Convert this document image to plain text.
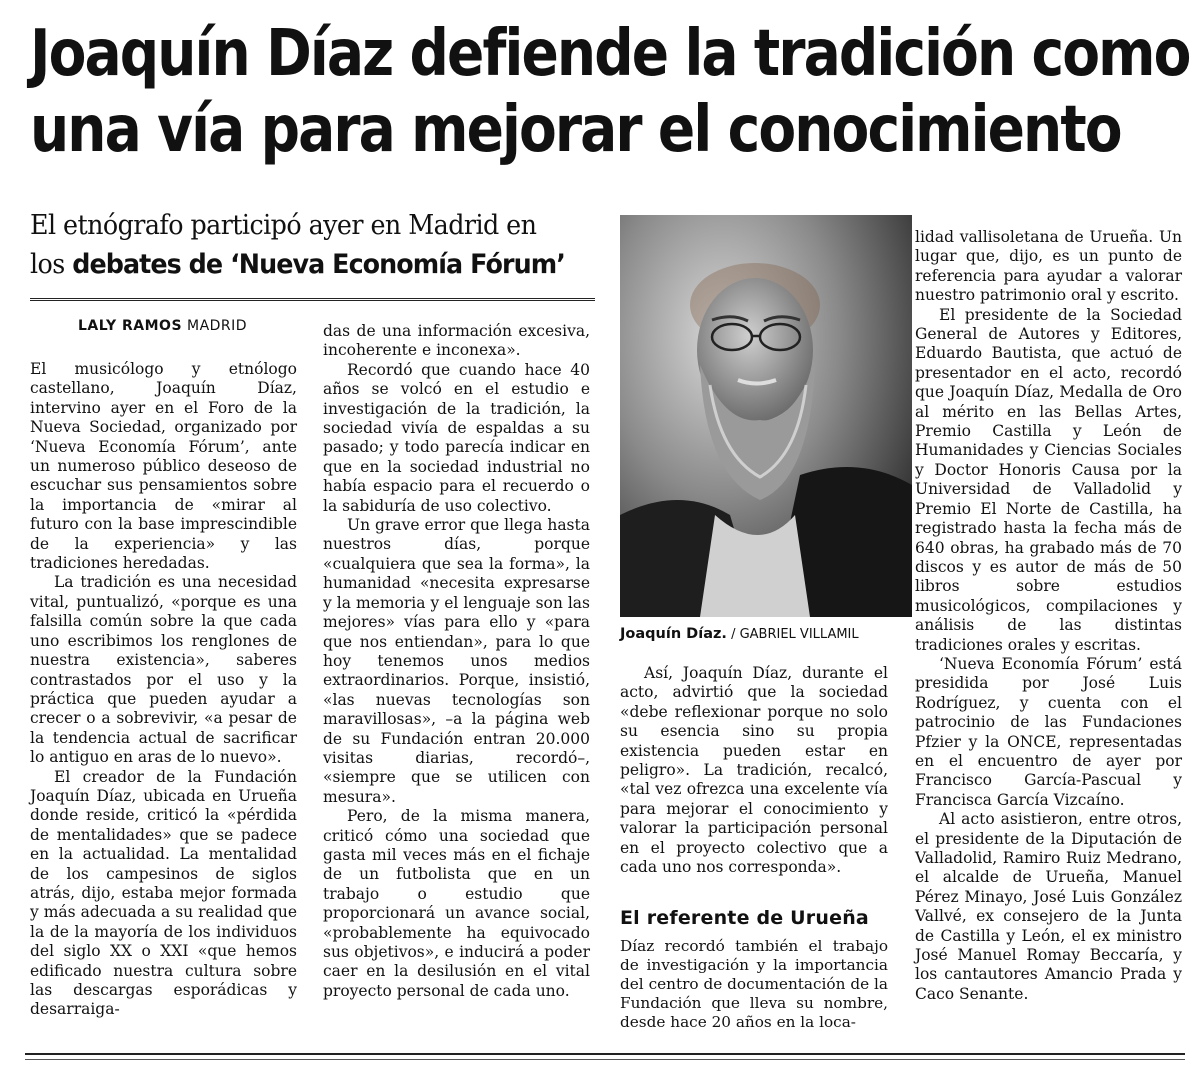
Joaquín Díaz defiende la tradición como
una vía para mejorar el conocimiento
El etnógrafo participó ayer en Madrid en
los debates de ‘Nueva Economía Fórum’
LALY RAMOS MADRID

El musicólogo y etnólogo castellano, Joaquín Díaz, intervino ayer en el Foro de la Nueva Sociedad, organizado por ‘Nueva Economía Fórum’, ante un numeroso público deseoso de escuchar sus pensamientos sobre la importancia de «mirar al futuro con la base imprescindible de la experiencia» y las tradiciones heredadas.

La tradición es una necesidad vital, puntualizó, «porque es una falsilla común sobre la que cada uno escribimos los renglones de nuestra existencia», saberes contrastados por el uso y la práctica que pueden ayudar a crecer o a sobrevivir, «a pesar de la tendencia actual de sacrificar lo antiguo en aras de lo nuevo».

El creador de la Fundación Joaquín Díaz, ubicada en Urueña donde reside, criticó la «pérdida de mentalidades» que se padece en la actualidad. La mentalidad de los campesinos de siglos atrás, dijo, estaba mejor formada y más adecuada a su realidad que la de la mayoría de los individuos del siglo XX o XXI «que hemos edificado nuestra cultura sobre las descargas esporádicas y desarraiga-

das de una información excesiva, incoherente e inconexa».

Recordó que cuando hace 40 años se volcó en el estudio e investigación de la tradición, la sociedad vivía de espaldas a su pasado; y todo parecía indicar en que en la sociedad industrial no había espacio para el recuerdo o la sabiduría de uso colectivo.

Un grave error que llega hasta nuestros días, porque «cualquiera que sea la forma», la humanidad «necesita expresarse y la memoria y el lenguaje son las mejores» vías para ello y «para que nos entiendan», para lo que hoy tenemos unos medios extraordinarios. Porque, insistió, «las nuevas tecnologías son maravillosas», –a la página web de su Fundación entran 20.000 visitas diarias, recordó–, «siempre que se utilicen con mesura».

Pero, de la misma manera, criticó cómo una sociedad que gasta mil veces más en el fichaje de un futbolista que en un trabajo o estudio que proporcionará un avance social, «probablemente ha equivocado sus objetivos», e inducirá a poder caer en la desilusión en el vital proyecto personal de cada uno.

Joaquín Díaz. / GABRIEL VILLAMIL

Así, Joaquín Díaz, durante el acto, advirtió que la sociedad «debe reflexionar porque no solo su esencia sino su propia existencia pueden estar en peligro». La tradición, recalcó, «tal vez ofrezca una excelente vía para mejorar el conocimiento y valorar la participación personal en el proyecto colectivo que a cada uno nos corresponda».

El referente de Urueña

Díaz recordó también el trabajo de investigación y la importancia del centro de documentación de la Fundación que lleva su nombre, desde hace 20 años en la loca-

lidad vallisoletana de Urueña. Un lugar que, dijo, es un punto de referencia para ayudar a valorar nuestro patrimonio oral y escrito.

El presidente de la Sociedad General de Autores y Editores, Eduardo Bautista, que actuó de presentador en el acto, recordó que Joaquín Díaz, Medalla de Oro al mérito en las Bellas Artes, Premio Castilla y León de Humanidades y Ciencias Sociales y Doctor Honoris Causa por la Universidad de Valladolid y Premio El Norte de Castilla, ha registrado hasta la fecha más de 640 obras, ha grabado más de 70 discos y es autor de más de 50 libros sobre estudios musicológicos, compilaciones y análisis de las distintas tradiciones orales y escritas.

‘Nueva Economía Fórum’ está presidida por José Luis Rodríguez, y cuenta con el patrocinio de las Fundaciones Pfzier y la ONCE, representadas en el encuentro de ayer por Francisco García-Pascual y Francisca García Vizcaíno.

Al acto asistieron, entre otros, el presidente de la Diputación de Valladolid, Ramiro Ruiz Medrano, el alcalde de Urueña, Manuel Pérez Minayo, José Luis González Vallvé, ex consejero de la Junta de Castilla y León, el ex ministro José Manuel Romay Beccaría, y los cantautores Amancio Prada y Caco Senante.
